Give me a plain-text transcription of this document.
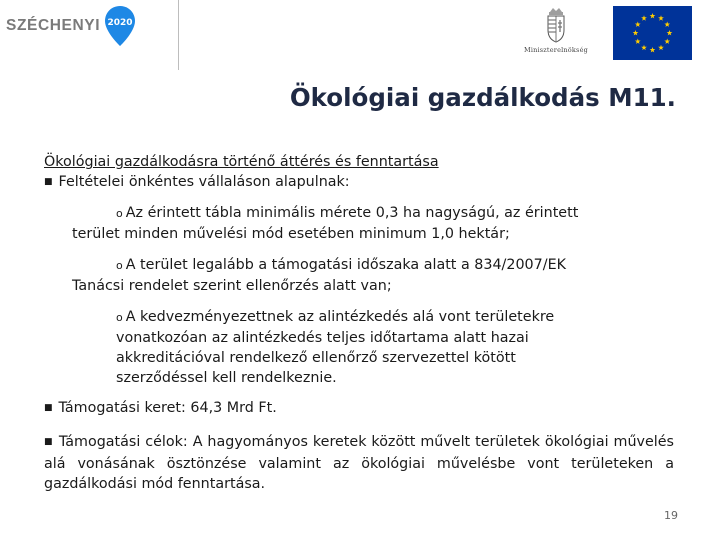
SZÉCHENYI 2020
Miniszterelnökség
Ökológiai gazdálkodás M11.

Ökológiai gazdálkodásra történő áttérés és fenntartása

■ Feltételei önkéntes vállaláson alapulnak:

o Az érintett tábla minimális mérete 0,3 ha nagyságú, az érintett
terület minden művelési mód esetében minimum 1,0 hektár;
o A terület legalább a támogatási időszaka alatt a 834/2007/EK
Tanácsi rendelet szerint ellenőrzés alatt van;
o A kedvezményezettnek az alintézkedés alá vont területekre
vonatkozóan az alintézkedés teljes időtartama alatt hazai
akkreditációval rendelkező ellenőrző szervezettel kötött
szerződéssel kell rendelkeznie.

■ Támogatási keret: 64,3 Mrd Ft.

■ Támogatási célok: A hagyományos keretek között művelt területek ökológiai művelés alá vonásának ösztönzése valamint az ökológiai művelésbe vont területeken a gazdálkodási mód fenntartása.

19
